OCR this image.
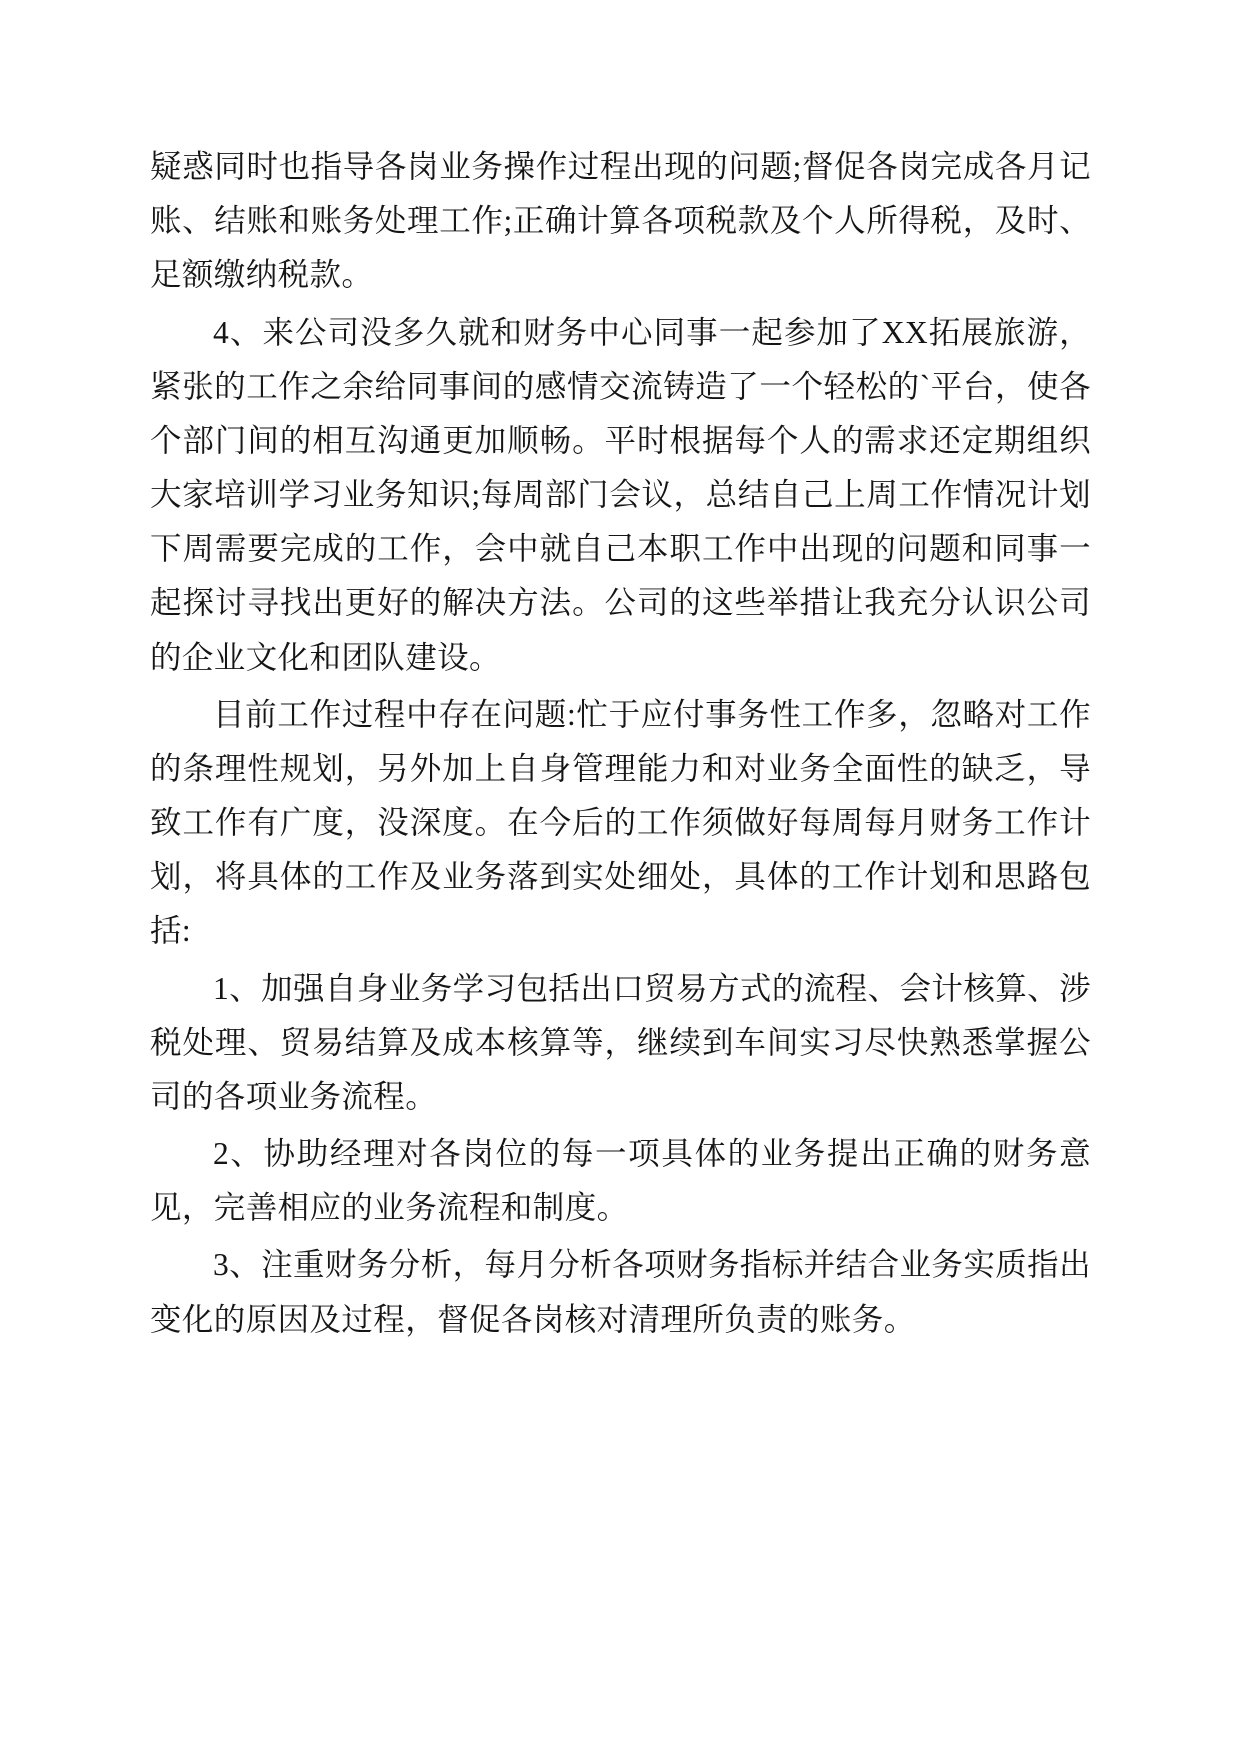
疑惑同时也指导各岗业务操作过程出现的问题;督促各岗完成各月记账、结账和账务处理工作;正确计算各项税款及个人所得税，及时、足额缴纳税款。

4、来公司没多久就和财务中心同事一起参加了XX拓展旅游，紧张的工作之余给同事间的感情交流铸造了一个轻松的`平台，使各个部门间的相互沟通更加顺畅。平时根据每个人的需求还定期组织大家培训学习业务知识;每周部门会议，总结自己上周工作情况计划下周需要完成的工作，会中就自己本职工作中出现的问题和同事一起探讨寻找出更好的解决方法。公司的这些举措让我充分认识公司的企业文化和团队建设。

目前工作过程中存在问题:忙于应付事务性工作多，忽略对工作的条理性规划，另外加上自身管理能力和对业务全面性的缺乏，导致工作有广度，没深度。在今后的工作须做好每周每月财务工作计划，将具体的工作及业务落到实处细处，具体的工作计划和思路包括:

1、加强自身业务学习包括出口贸易方式的流程、会计核算、涉税处理、贸易结算及成本核算等，继续到车间实习尽快熟悉掌握公司的各项业务流程。

2、协助经理对各岗位的每一项具体的业务提出正确的财务意见，完善相应的业务流程和制度。

3、注重财务分析，每月分析各项财务指标并结合业务实质指出变化的原因及过程，督促各岗核对清理所负责的账务。
